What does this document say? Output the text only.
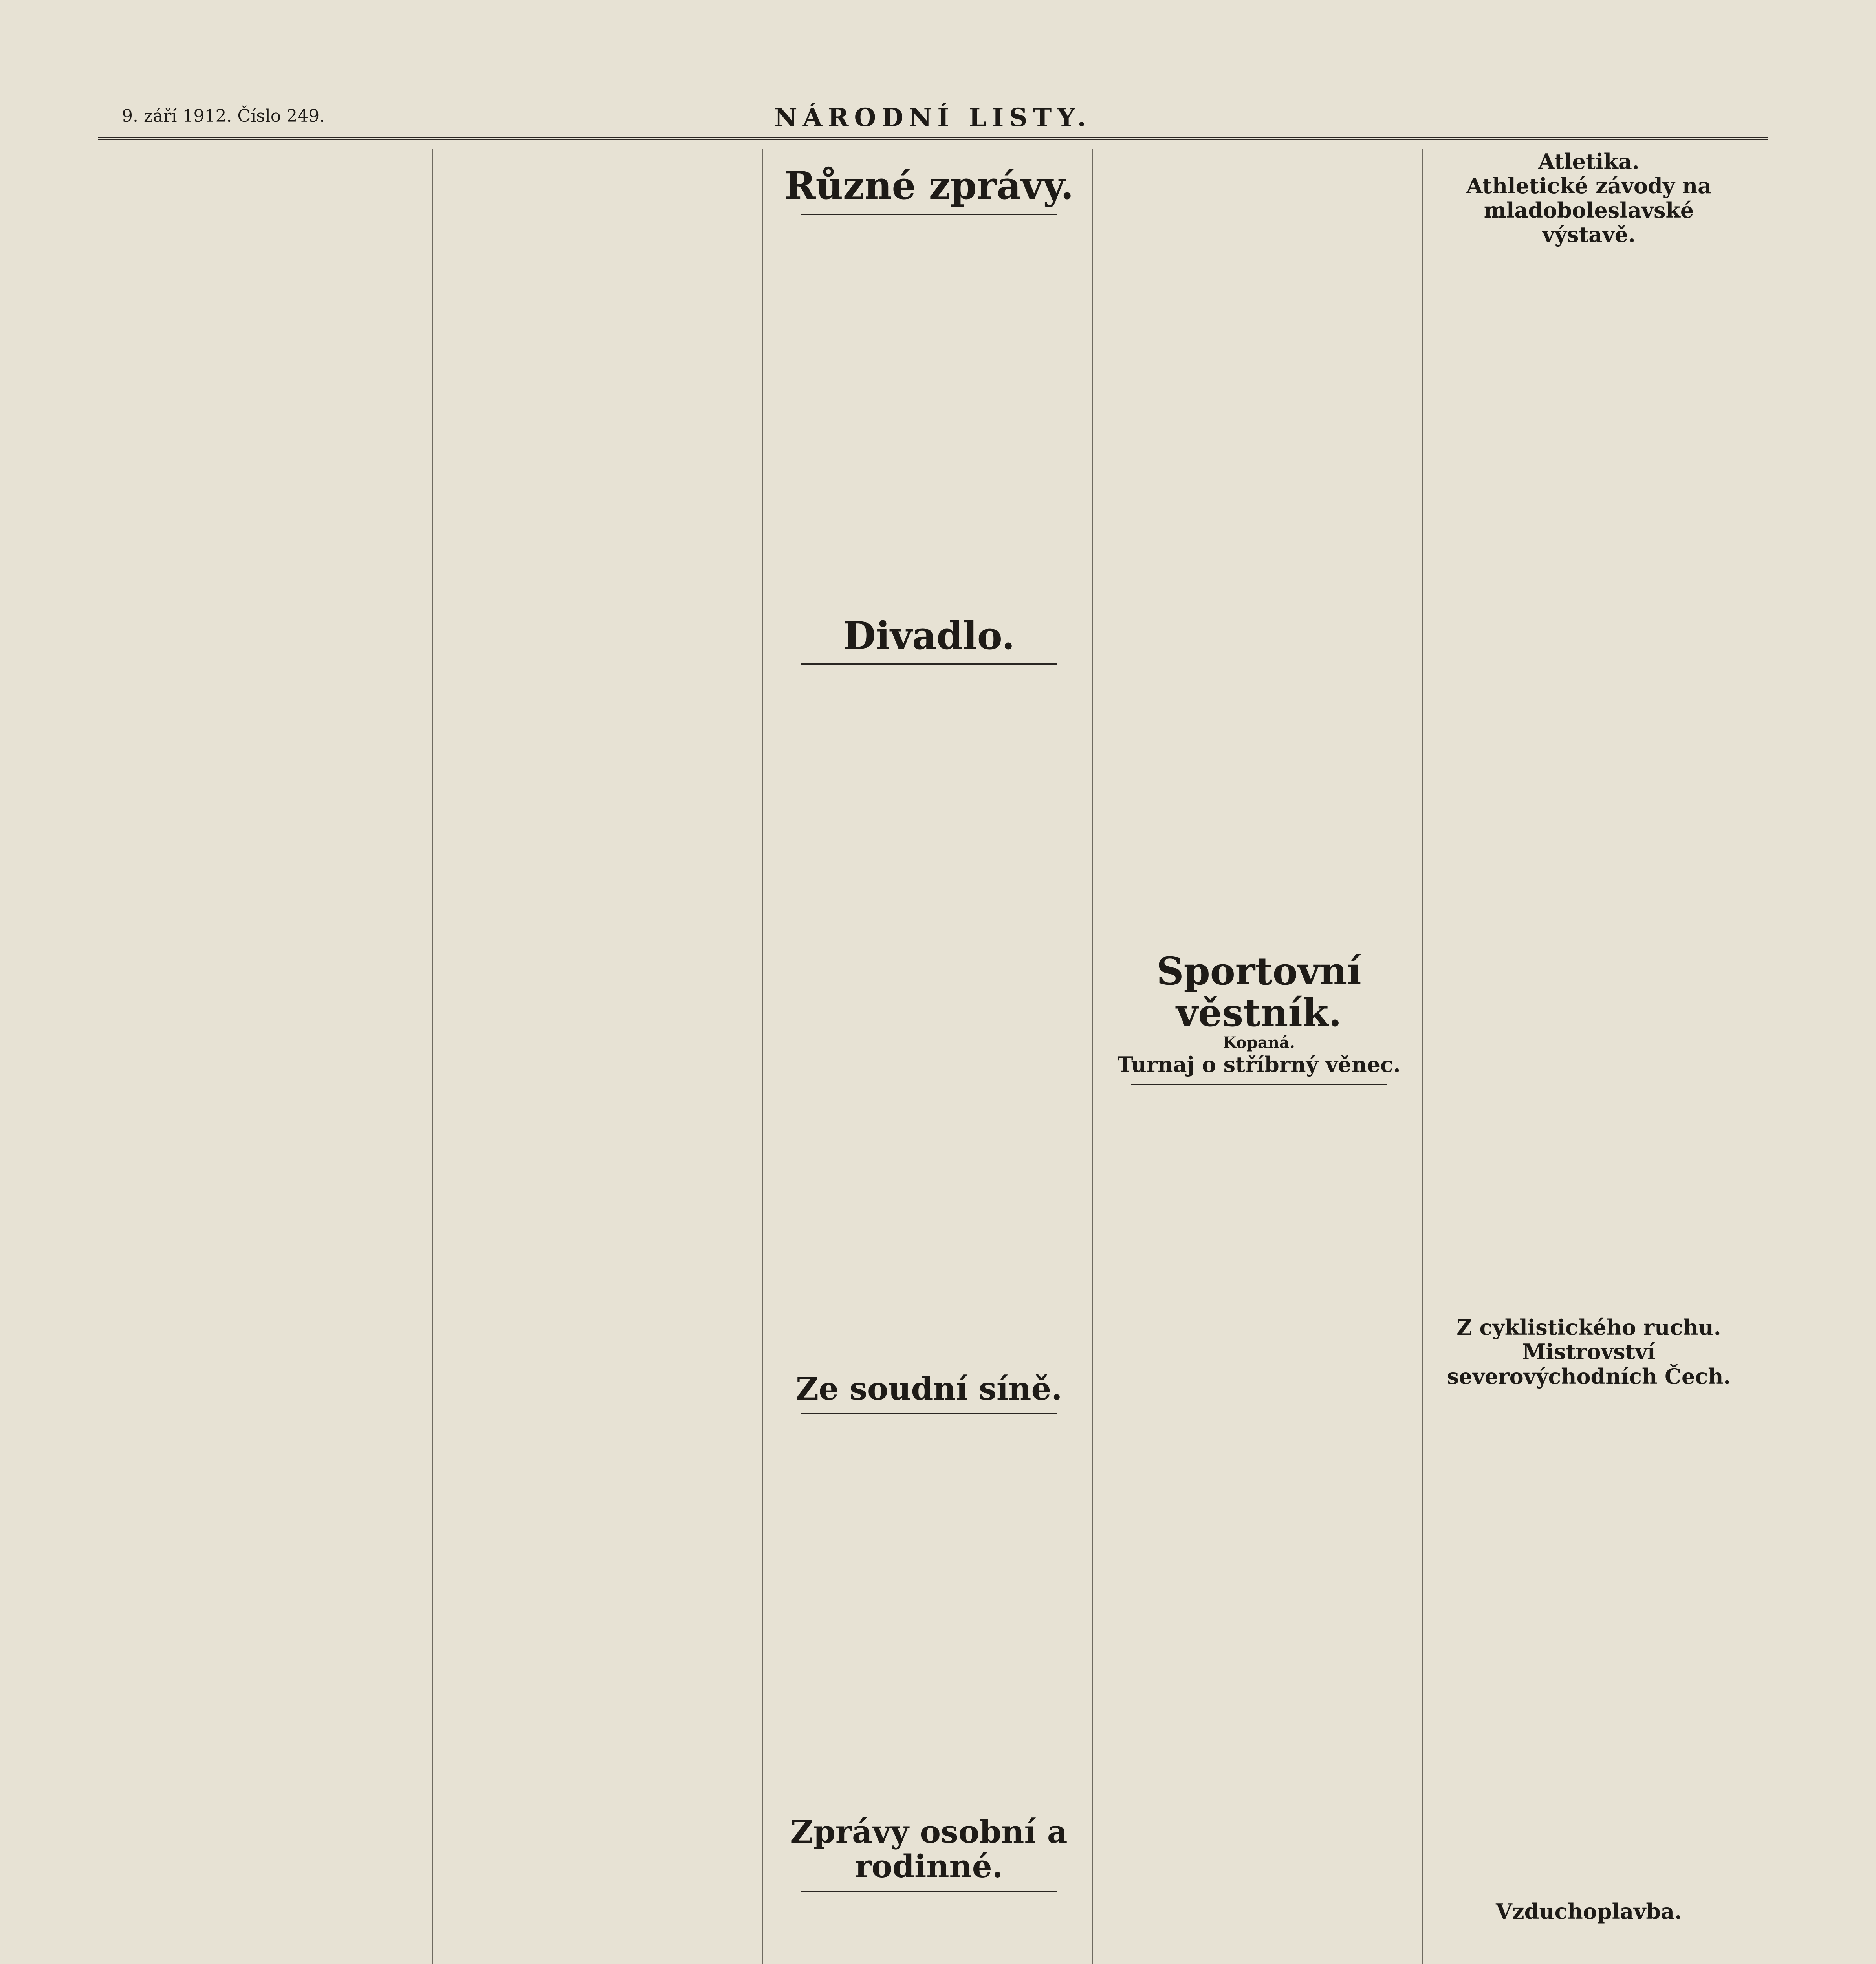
9. září 1912. Číslo 249.	NÁRODNÍ LISTY.
Různé zprávy.
Divadlo.
Ze soudní síně.
Zprávy osobní a rodinné.
Sportovní věstník.
Kopaná.
Turnaj o stříbrný věnec.
Atletika.
Athletické závody na mladoboleslavské výstavě.
Z cyklistického ruchu.
Mistrovství severovýchodních Čech.
Vzduchoplavba.
